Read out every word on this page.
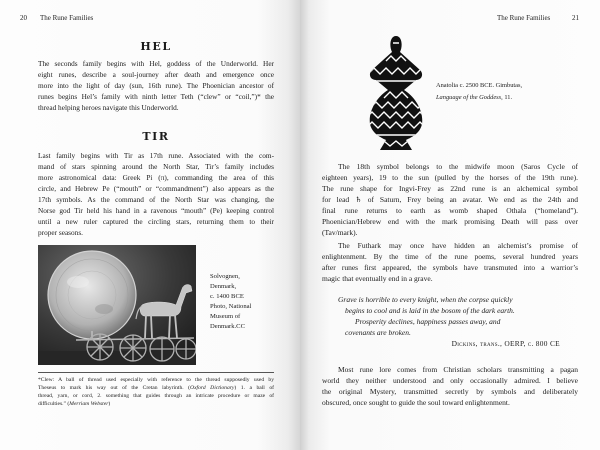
20 The Rune Families
HEL
The seconds family begins with Hel, goddess of the Underworld. Her
eight runes, describe a soul-journey after death and emergence once
more into the light of day (sun, 16th rune). The Phoenician ancestor of
runes begins Hel’s family with ninth letter Teth (“clew” or “coil,”)* the
thread helping heroes navigate this Underworld.
TIR
Last family begins with Tir as 17th rune. Associated with the com-
mand of stars spinning around the North Star, Tir’s family includes
more astronomical data: Greek Pi (π), commanding the area of this
circle, and Hebrew Pe (“mouth” or “commandment”) also appears as the
17th symbols. As the command of the North Star was changing, the
Norse god Tir held his hand in a ravenous “mouth” (Pe) keeping control
until a new ruler captured the circling stars, returning them to their
proper seasons.
Solvognen,
Denmark,
c. 1400 BCE
Photo, National
Museum of
Denmark.CC
*Clew: A ball of thread used especially with reference to the thread supposedly used by
Theseus to mark his way out of the Cretan labyrinth. (Oxford Dictionary) 1. a ball of
thread, yarn, or cord, 2. something that guides through an intricate procedure or maze of
difficulties.” (Merriam Webster)
The Rune Families	21
Anatolia c. 2500 BCE. Gimbutas,
Language of the Goddess, 11.
The 18th symbol belongs to the midwife moon (Saros Cycle of
eighteen years), 19 to the sun (pulled by the horses of the 19th rune).
The rune shape for Ingvi-Frey as 22nd rune is an alchemical symbol
for lead ♄ of Saturn, Frey being an avatar. We end as the 24th and
final rune returns to earth as womb shaped Othala (“homeland”).
Phoenician/Hebrew end with the mark promising Death will pass over
(Tav/mark).
The Futhark may once have hidden an alchemist’s promise of
enlightenment. By the time of the rune poems, several hundred years
after runes first appeared, the symbols have transmuted into a warrior’s
magic that eventually end in a grave.
Grave is horrible to every knight, when the corpse quickly
begins to cool and is laid in the bosom of the dark earth.
Prosperity declines, happiness passes away, and
covenants are broken.
Dickins, trans., OERP, c. 800 CE
Most rune lore comes from Christian scholars transmitting a pagan
world they neither understood and only occasionally admired. I believe
the original Mystery, transmitted secretly by symbols and deliberately
obscured, once sought to guide the soul toward enlightenment.
